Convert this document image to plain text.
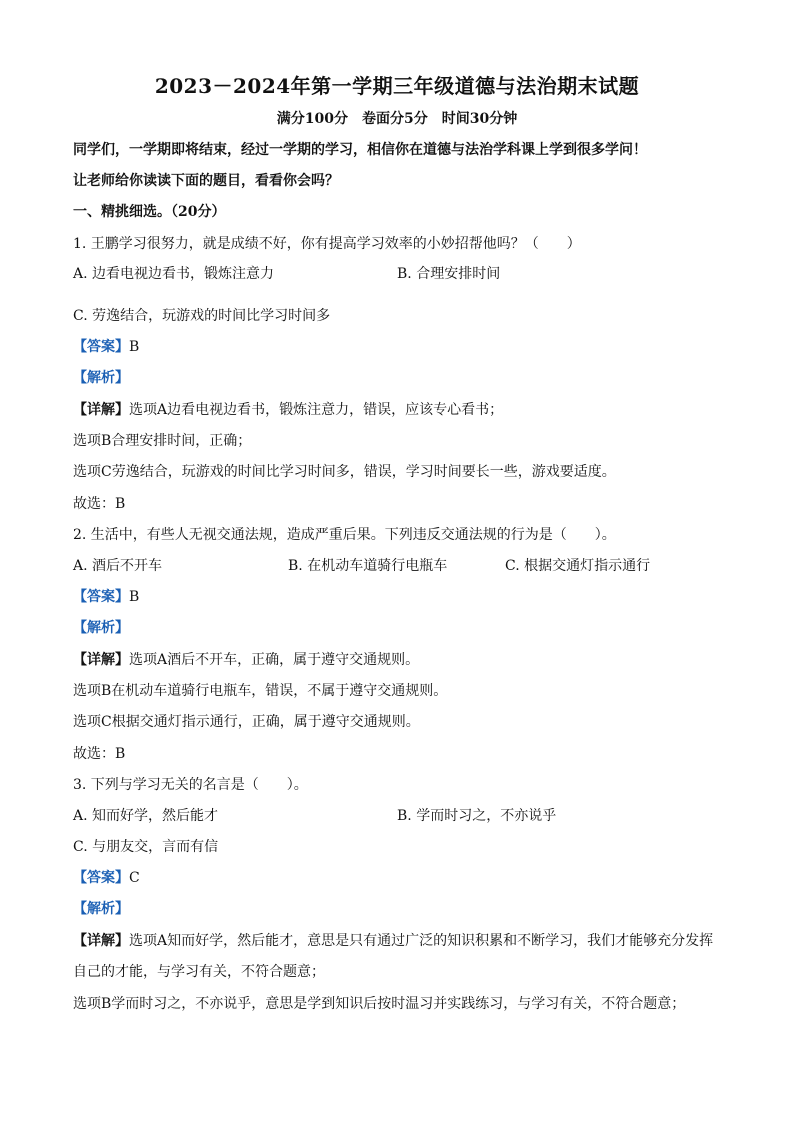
2023－2024年第一学期三年级道德与法治期末试题
满分100分　卷面分5分　时间30分钟
同学们，一学期即将结束，经过一学期的学习，相信你在道德与法治学科课上学到很多学问！
让老师给你读读下面的题目，看看你会吗？
一、精挑细选。（20分）
1. 王鹏学习很努力，就是成绩不好，你有提高学习效率的小妙招帮他吗？（　　）
A. 边看电视边看书，锻炼注意力	B. 合理安排时间
C. 劳逸结合，玩游戏的时间比学习时间多
【答案】B
【解析】
【详解】选项A边看电视边看书，锻炼注意力，错误，应该专心看书；
选项B合理安排时间，正确；
选项C劳逸结合，玩游戏的时间比学习时间多，错误，学习时间要长一些，游戏要适度。
故选：B
2. 生活中，有些人无视交通法规，造成严重后果。下列违反交通法规的行为是（　　）。
A. 酒后不开车	B. 在机动车道骑行电瓶车	C. 根据交通灯指示通行
【答案】B
【解析】
【详解】选项A酒后不开车，正确，属于遵守交通规则。
选项B在机动车道骑行电瓶车，错误，不属于遵守交通规则。
选项C根据交通灯指示通行，正确，属于遵守交通规则。
故选：B
3. 下列与学习无关的名言是（　　）。
A. 知而好学，然后能才	B. 学而时习之，不亦说乎
C. 与朋友交，言而有信
【答案】C
【解析】
【详解】选项A知而好学，然后能才，意思是只有通过广泛的知识积累和不断学习，我们才能够充分发挥
自己的才能，与学习有关，不符合题意；
选项B学而时习之，不亦说乎，意思是学到知识后按时温习并实践练习，与学习有关，不符合题意；
